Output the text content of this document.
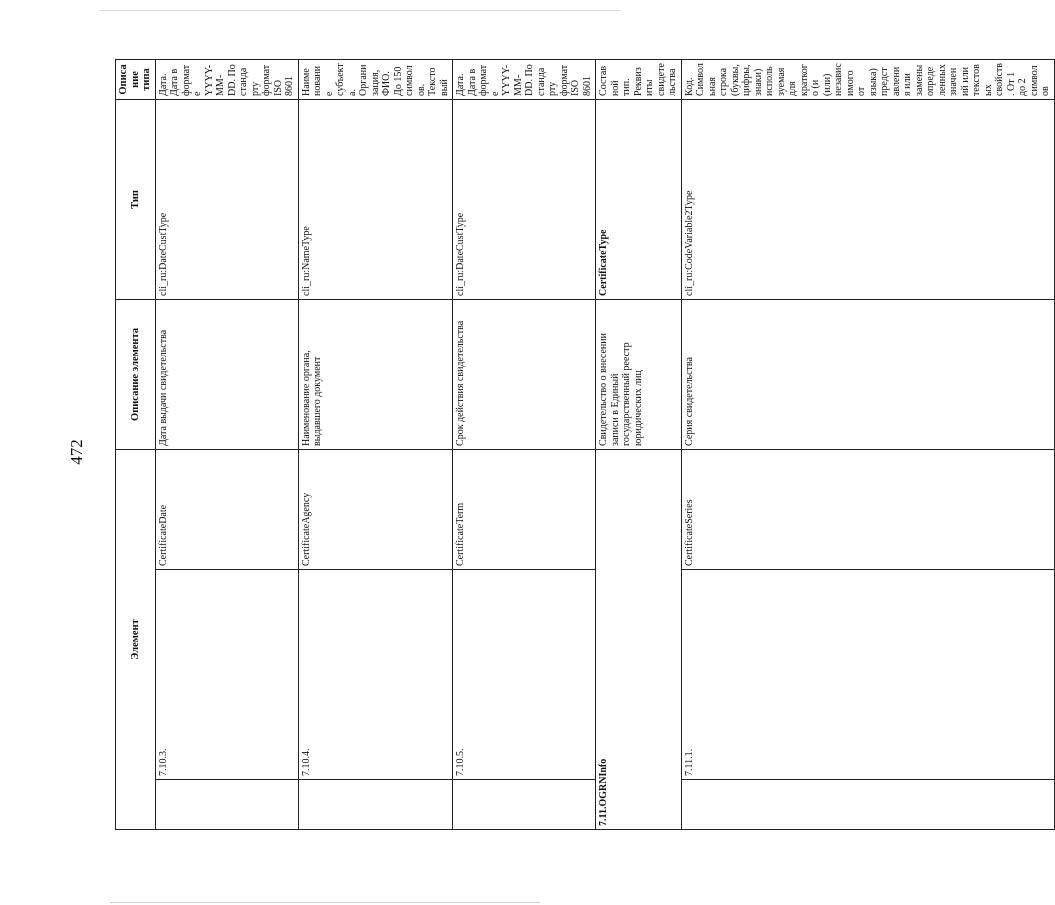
472
Элемент			Описание элемента	Тип	Описание типа	
	7.10.3.	CertificateDate	Дата выдачи свидетельства	cli_ru:DateCustType	Дата. Дата в формате YYYY-MM-DD. По стандарту формат ISO 8601	
	7.10.4.	CertificateAgency	Наименование органа, выдавшего документ	cli_ru:NameType	Наименование субъекта. Организация, ФИО. До 150 символов. Текстовый	
	7.10.5.	CertificateTerm	Срок действия свидетельства	cli_ru:DateCustType	Дата. Дата в формате YYYY-MM-DD. По стандарту формат ISO 8601	
7.11.OGRNInfo			Свидетельство о внесении записи в Единый государственный реестр юридических лиц	CertificateType	Составной тип. Реквизиты свидетельства	
	7.11.1.	CertificateSeries	Серия свидетельства	cli_ru:CodeVariable2Type	Код. Символьная строка (буквы, цифры, знаки) используемая для краткого (и (или) независимого от языка) представления или замены определенных значений или текстовых свойств. От 1 до 2 символов	
